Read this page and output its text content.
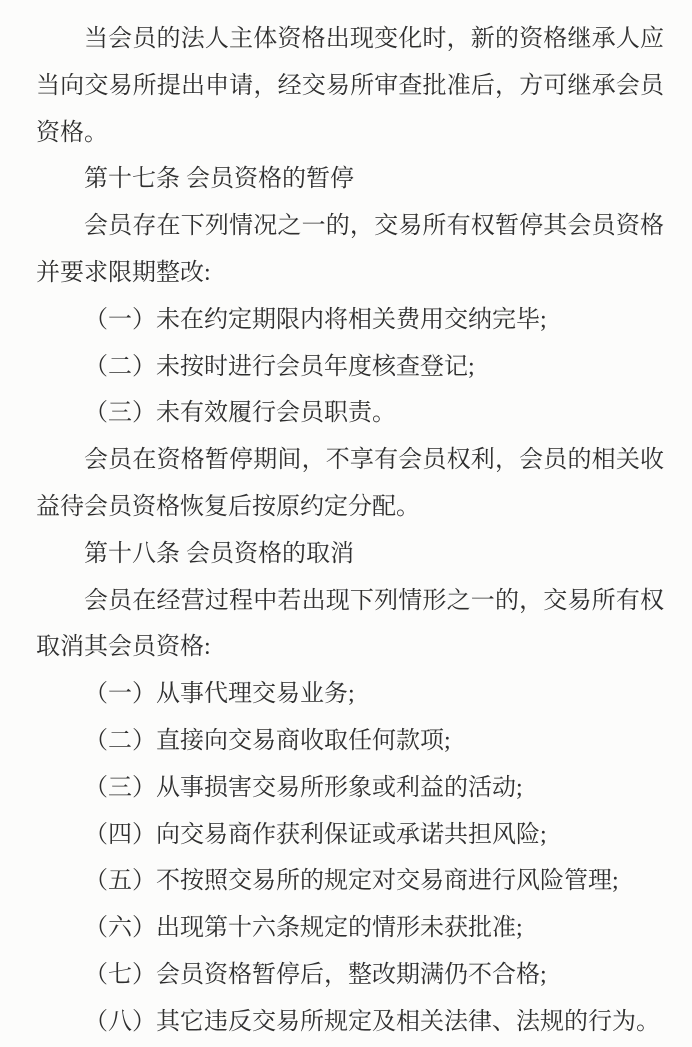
当会员的法人主体资格出现变化时，新的资格继承人应当向交易所提出申请，经交易所审查批准后，方可继承会员资格。

第十七条 会员资格的暂停

会员存在下列情况之一的，交易所有权暂停其会员资格并要求限期整改:

（一）未在约定期限内将相关费用交纳完毕;

（二）未按时进行会员年度核查登记;

（三）未有效履行会员职责。

会员在资格暂停期间，不享有会员权利，会员的相关收益待会员资格恢复后按原约定分配。

第十八条 会员资格的取消

会员在经营过程中若出现下列情形之一的，交易所有权取消其会员资格:

（一）从事代理交易业务;

（二）直接向交易商收取任何款项;

（三）从事损害交易所形象或利益的活动;

（四）向交易商作获利保证或承诺共担风险;

（五）不按照交易所的规定对交易商进行风险管理;

（六）出现第十六条规定的情形未获批准;

（七）会员资格暂停后，整改期满仍不合格;

（八）其它违反交易所规定及相关法律、法规的行为。
